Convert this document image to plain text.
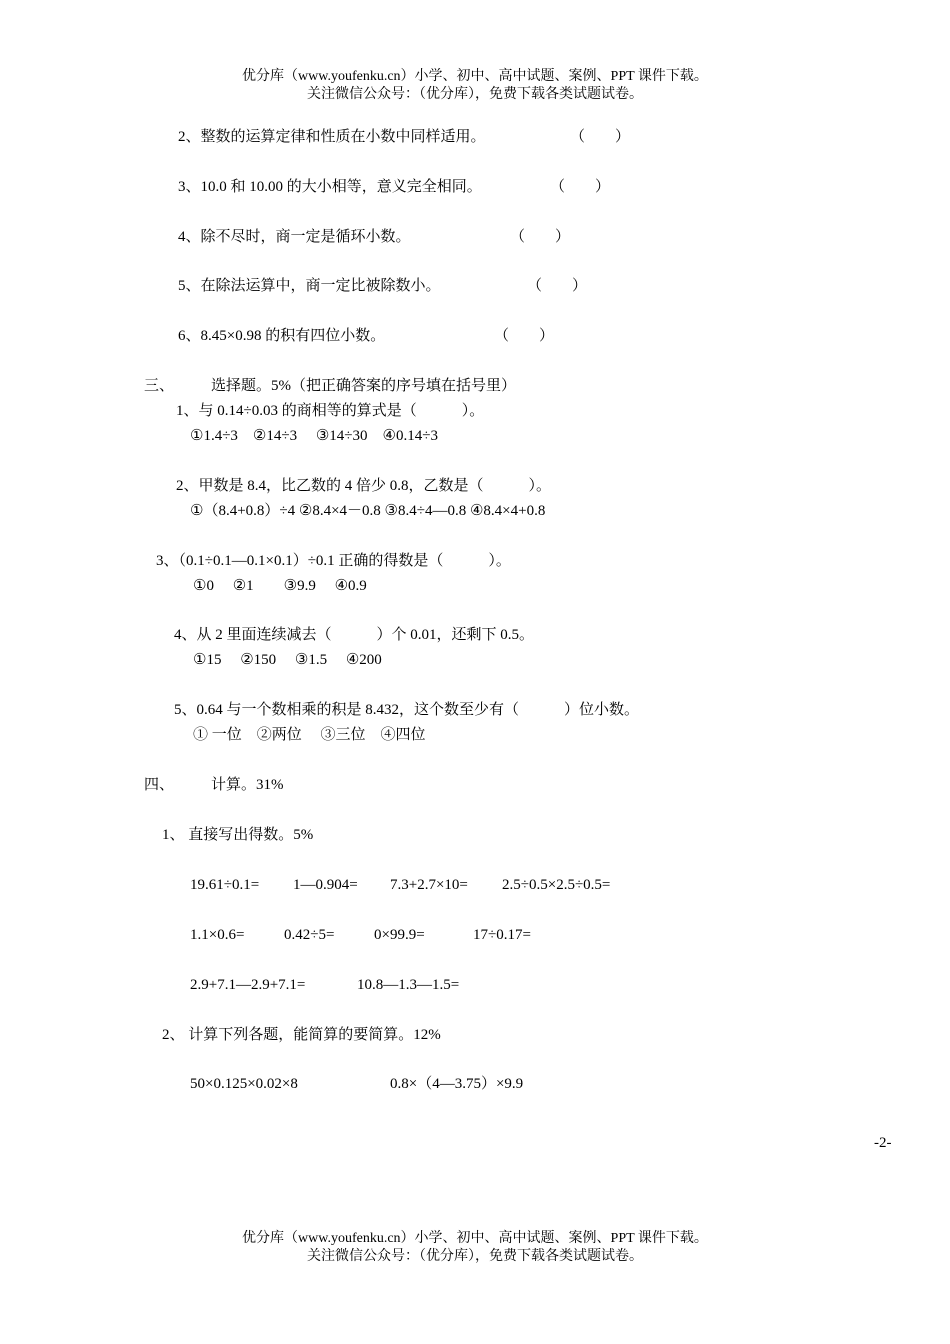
优分库（www.youfenku.cn）小学、初中、高中试题、案例、PPT 课件下载。
关注微信公众号：（优分库），免费下载各类试题试卷。
2、整数的运算定律和性质在小数中同样适用。	（　　）
3、10.0 和 10.00 的大小相等，意义完全相同。	（　　）
4、除不尽时，商一定是循环小数。	（　　）
5、在除法运算中，商一定比被除数小。	（　　）
6、8.45×0.98 的积有四位小数。	（　　）
三、 选择题。5%（把正确答案的序号填在括号里）
1、与 0.14÷0.03 的商相等的算式是（　　　）。
①1.4÷3　②14÷3　 ③14÷30　④0.14÷3
2、甲数是 8.4，比乙数的 4 倍少 0.8，乙数是（　　　）。
①（8.4+0.8）÷4 ②8.4×4－0.8 ③8.4÷4—0.8 ④8.4×4+0.8
3、（0.1÷0.1—0.1×0.1）÷0.1 正确的得数是（　　　）。
①0　 ②1　　③9.9　 ④0.9
4、从 2 里面连续减去（　　　）个 0.01，还剩下 0.5。
①15　 ②150　 ③1.5　 ④200
5、0.64 与一个数相乘的积是 8.432，这个数至少有（　　　）位小数。
① 一位　②两位　 ③三位　④四位
四、 计算。31%
1、 直接写出得数。5%
19.61÷0.1= 1—0.904= 7.3+2.7×10= 2.5÷0.5×2.5÷0.5=
1.1×0.6=	0.42÷5=	0×99.9=	17÷0.17=
2.9+7.1—2.9+7.1=	10.8—1.3—1.5=
2、 计算下列各题，能简算的要简算。12%
50×0.125×0.02×8	0.8×（4—3.75）×9.9
-2-
优分库（www.youfenku.cn）小学、初中、高中试题、案例、PPT 课件下载。
关注微信公众号：（优分库），免费下载各类试题试卷。
